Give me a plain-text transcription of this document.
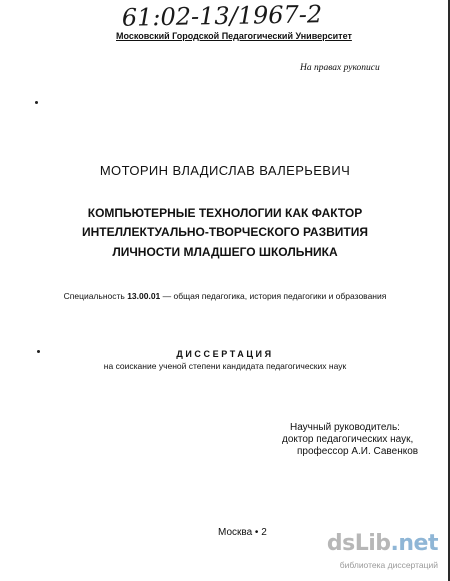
61:02-13/1967-2
Московский Городской Педагогический Университет
На правах рукописи
МОТОРИН ВЛАДИСЛАВ ВАЛЕРЬЕВИЧ
КОМПЬЮТЕРНЫЕ ТЕХНОЛОГИИ КАК ФАКТОР
ИНТЕЛЛЕКТУАЛЬНО-ТВОРЧЕСКОГО РАЗВИТИЯ
ЛИЧНОСТИ МЛАДШЕГО ШКОЛЬНИКА
Специальность 13.00.01 — общая педагогика, история педагогики и образования
ДИССЕРТАЦИЯ
на соискание ученой степени кандидата педагогических наук
Научный руководитель:
доктор педагогических наук,
профессор А.И. Савенков
Москва • 2	dsLib.net
библиотека диссертаций
